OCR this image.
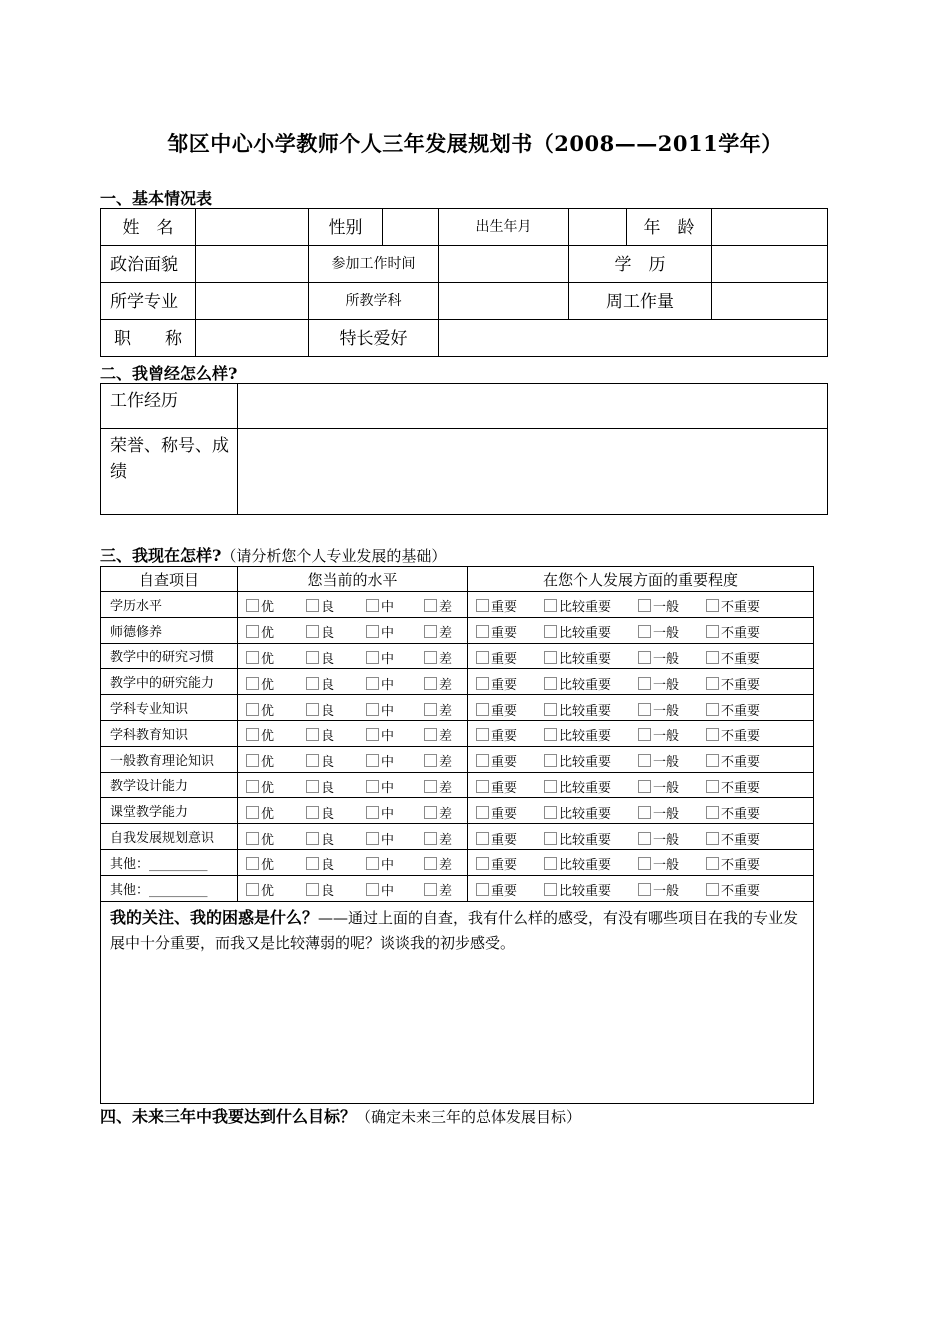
邹区中心小学教师个人三年发展规划书（2008——2011学年）
一、基本情况表
姓　名		性别		出生年月		年　龄	

政治面貌		参加工作时间			学　历		

所学专业		所教学科			周工作量		

职　　称		特长爱好					

二、我曾经怎么样?
工作经历	

荣誉、称号、成绩	

三、我现在怎样?（请分析您个人专业发展的基础）
自查项目	您当前的水平	在您个人发展方面的重要程度
学历水平	优 良 中 差	重要 比较重要 一般 不重要

师德修养	优 良 中 差	重要 比较重要 一般 不重要

教学中的研究习惯	优 良 中 差	重要 比较重要 一般 不重要

教学中的研究能力	优 良 中 差	重要 比较重要 一般 不重要

学科专业知识	优 良 中 差	重要 比较重要 一般 不重要

学科教育知识	优 良 中 差	重要 比较重要 一般 不重要

一般教育理论知识	优 良 中 差	重要 比较重要 一般 不重要

教学设计能力	优 良 中 差	重要 比较重要 一般 不重要

课堂教学能力	优 良 中 差	重要 比较重要 一般 不重要

自我发展规划意识	优 良 中 差	重要 比较重要 一般 不重要

其他：_________	优 良 中 差	重要 比较重要 一般 不重要

其他：_________	优 良 中 差	重要 比较重要 一般 不重要

我的关注、我的困惑是什么？——通过上面的自查，我有什么样的感受，有没有哪些项目在我的专业发展中十分重要，而我又是比较薄弱的呢？谈谈我的初步感受。		
四、未来三年中我要达到什么目标？（确定未来三年的总体发展目标）
